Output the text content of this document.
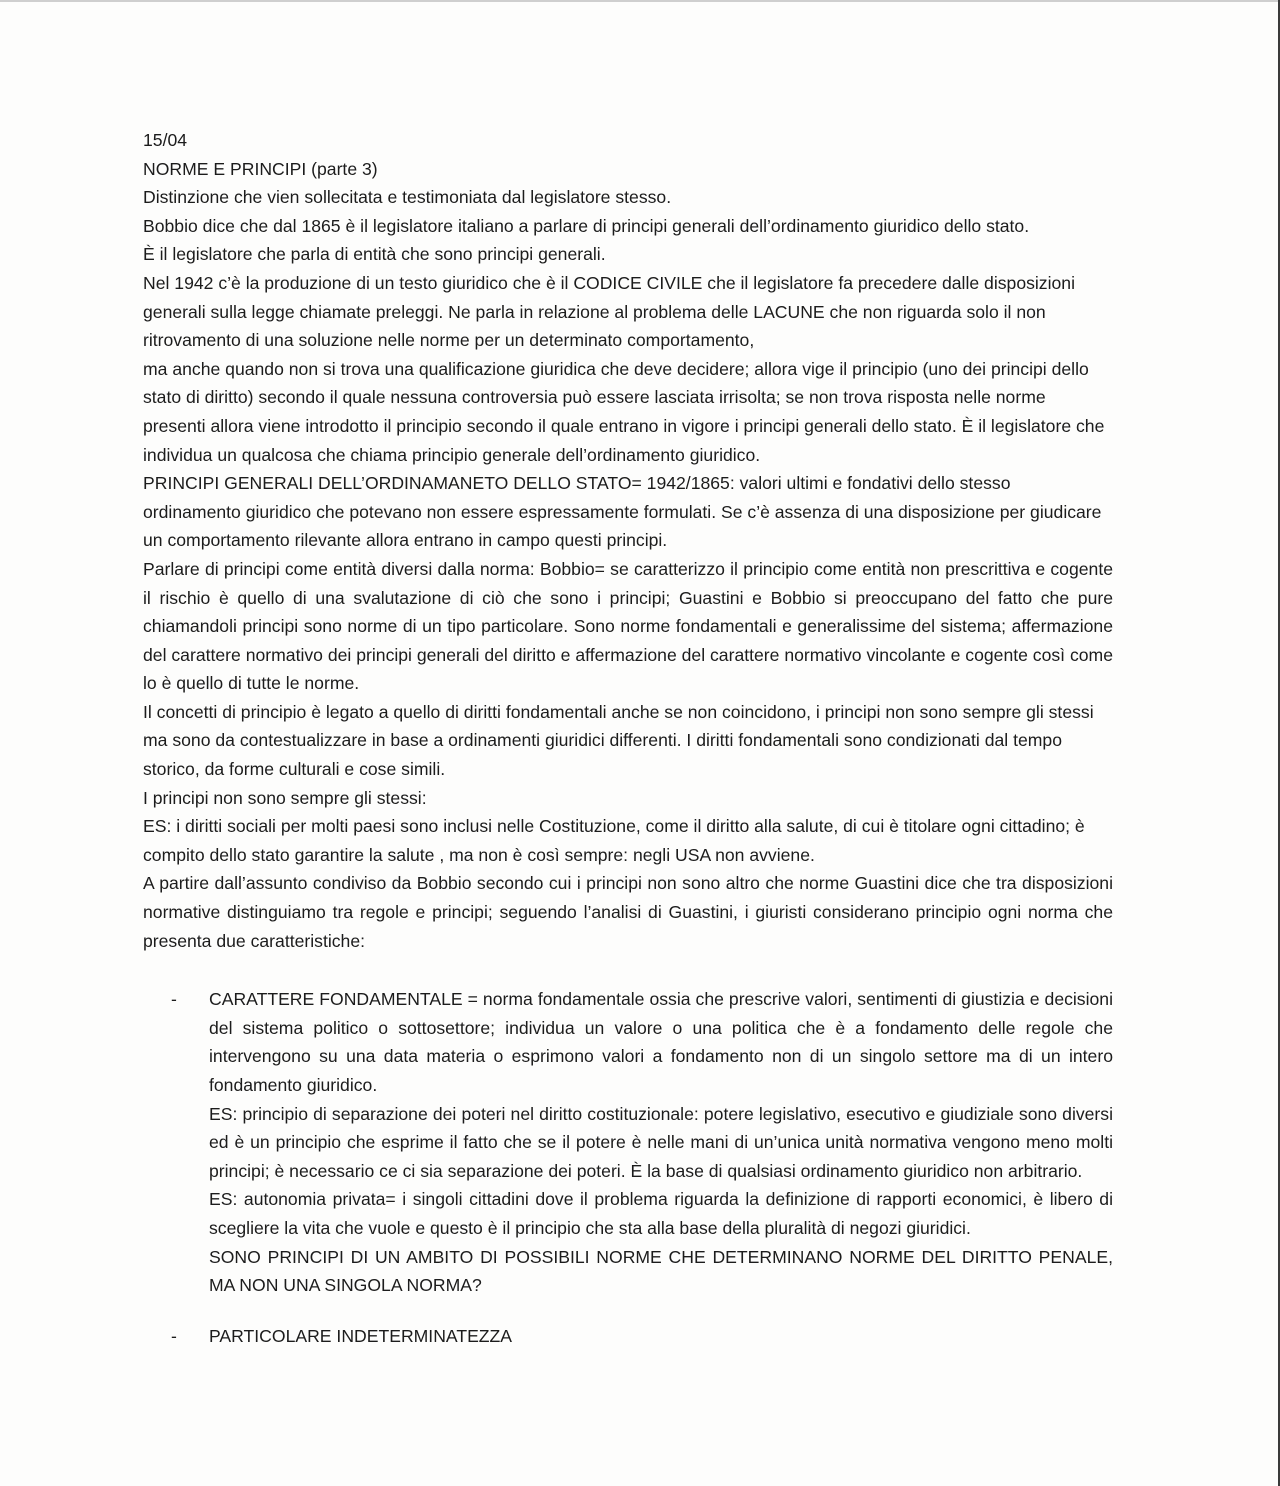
15/04

NORME E PRINCIPI (parte 3)

Distinzione che vien sollecitata e testimoniata dal legislatore stesso.

Bobbio dice che dal 1865 è il legislatore italiano a parlare di principi generali dell’ordinamento giuridico dello stato.

È il legislatore che parla di entità che sono principi generali.

Nel 1942 c’è la produzione di un testo giuridico che è il CODICE CIVILE che il legislatore fa precedere dalle disposizioni generali sulla legge chiamate preleggi. Ne parla in relazione al problema delle LACUNE che non riguarda solo il non ritrovamento di una soluzione nelle norme per un determinato comportamento,

ma anche quando non si trova una qualificazione giuridica che deve decidere; allora vige il principio (uno dei principi dello stato di diritto) secondo il quale nessuna controversia può essere lasciata irrisolta; se non trova risposta nelle norme presenti allora viene introdotto il principio secondo il quale entrano in vigore i principi generali dello stato. È il legislatore che individua un qualcosa che chiama principio generale dell’ordinamento giuridico.

PRINCIPI GENERALI DELL’ORDINAMANETO DELLO STATO= 1942/1865: valori ultimi e fondativi dello stesso ordinamento giuridico che potevano non essere espressamente formulati. Se c’è assenza di una disposizione per giudicare un comportamento rilevante allora entrano in campo questi principi.

Parlare di principi come entità diversi dalla norma: Bobbio= se caratterizzo il principio come entità non prescrittiva e cogente il rischio è quello di una svalutazione di ciò che sono i principi; Guastini e Bobbio si preoccupano del fatto che pure chiamandoli principi sono norme di un tipo particolare. Sono norme fondamentali e generalissime del sistema; affermazione del carattere normativo dei principi generali del diritto e affermazione del carattere normativo vincolante e cogente così come lo è quello di tutte le norme.

Il concetti di principio è legato a quello di diritti fondamentali anche se non coincidono, i principi non sono sempre gli stessi ma sono da contestualizzare in base a ordinamenti giuridici differenti. I diritti fondamentali sono condizionati dal tempo storico, da forme culturali e cose simili.

I principi non sono sempre gli stessi:

ES: i diritti sociali per molti paesi sono inclusi nelle Costituzione, come il diritto alla salute, di cui è titolare ogni cittadino; è compito dello stato garantire la salute , ma non è così sempre: negli USA non avviene.

A partire dall’assunto condiviso da Bobbio secondo cui i principi non sono altro che norme Guastini dice che tra disposizioni normative distinguiamo tra regole e principi; seguendo l’analisi di Guastini, i giuristi considerano principio ogni norma che presenta due caratteristiche:

- CARATTERE FONDAMENTALE = norma fondamentale ossia che prescrive valori, sentimenti di giustizia e decisioni del sistema politico o sottosettore; individua un valore o una politica che è a fondamento delle regole che intervengono su una data materia o esprimono valori a fondamento non di un singolo settore ma di un intero fondamento giuridico.

ES: principio di separazione dei poteri nel diritto costituzionale: potere legislativo, esecutivo e giudiziale sono diversi ed è un principio che esprime il fatto che se il potere è nelle mani di un’unica unità normativa vengono meno molti principi; è necessario ce ci sia separazione dei poteri. È la base di qualsiasi ordinamento giuridico non arbitrario.

ES: autonomia privata= i singoli cittadini dove il problema riguarda la definizione di rapporti economici, è libero di scegliere la vita che vuole e questo è il principio che sta alla base della pluralità di negozi giuridici.

SONO PRINCIPI DI UN AMBITO DI POSSIBILI NORME CHE DETERMINANO NORME DEL DIRITTO PENALE, MA NON UNA SINGOLA NORMA?

- PARTICOLARE INDETERMINATEZZA
